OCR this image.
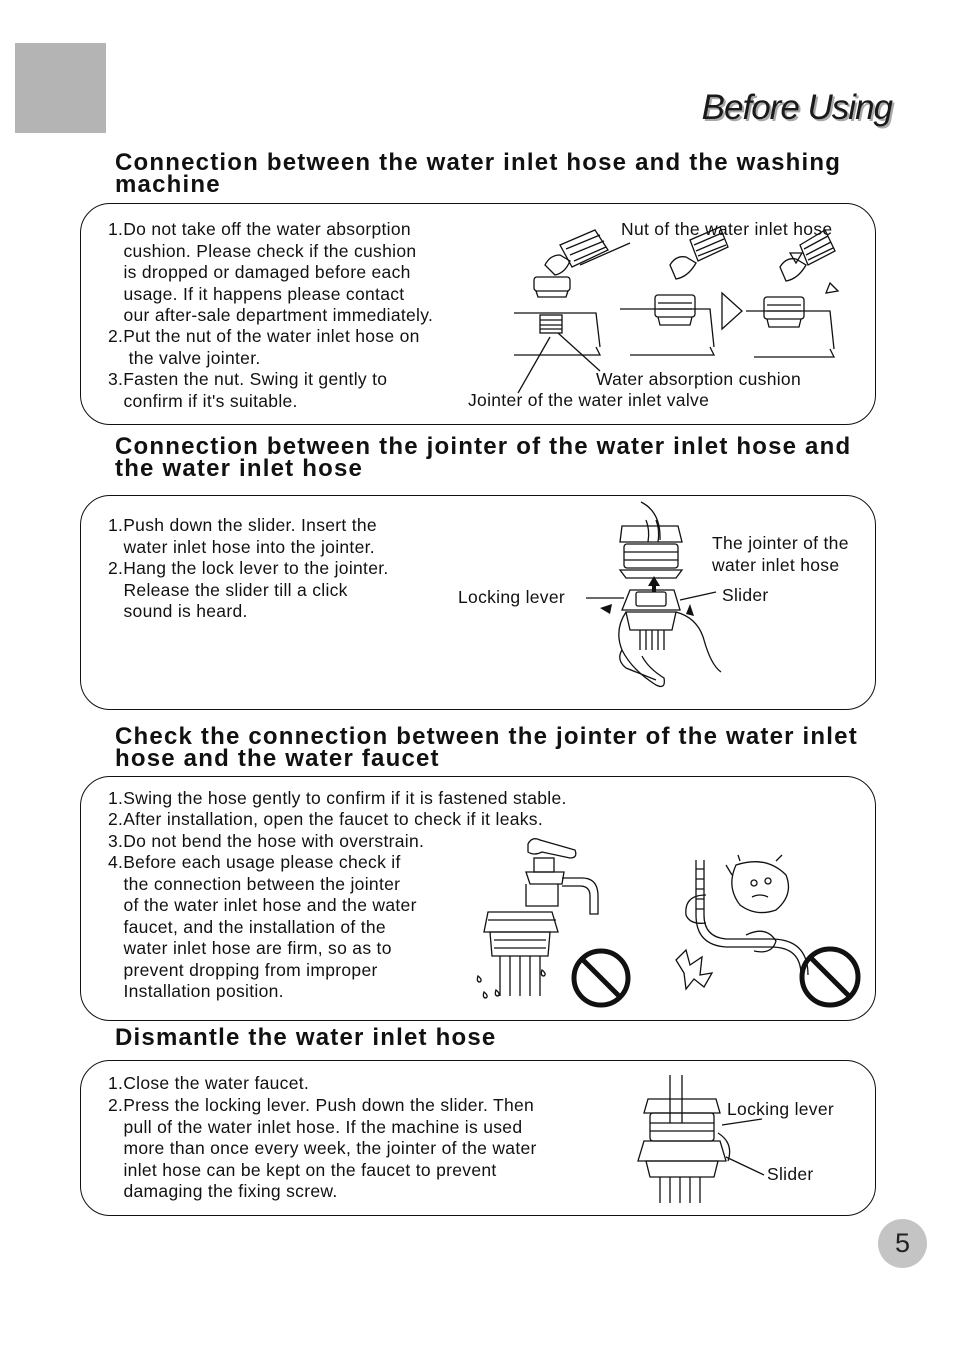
Before Using
Connection between the water inlet hose and the washing machine
1.Do not take off the water absorption
cushion. Please check if the cushion
is dropped or damaged before each
usage. If it happens please contact
our after-sale department immediately.
2.Put the nut of the water inlet hose on
the valve jointer.
3.Fasten the nut. Swing it gently to
confirm if it's suitable.
Nut of the water inlet hose
Water absorption cushion
Jointer of the water inlet valve
Connection between the jointer of the water inlet hose and the water inlet hose
1.Push down the slider. Insert the
water inlet hose into the jointer.
2.Hang the lock lever to the jointer.
Release the slider till a click
sound is heard.
The jointer of the
water inlet hose
Locking lever	Slider
Check the connection between the jointer of the water inlet hose and the water faucet
1.Swing the hose gently to confirm if it is fastened stable.
2.After installation, open the faucet to check if it leaks.
3.Do not bend the hose with overstrain.
4.Before each usage please check if
the connection between the jointer
of the water inlet hose and the water
faucet, and the installation of the
water inlet hose are firm, so as to
prevent dropping from improper
Installation position.
Dismantle the water inlet hose
1.Close the water faucet.
2.Press the locking lever. Push down the slider. Then
pull of the water inlet hose. If the machine is used
more than once every week, the jointer of the water
inlet hose can be kept on the faucet to prevent
damaging the fixing screw.
Locking lever
Slider
5
